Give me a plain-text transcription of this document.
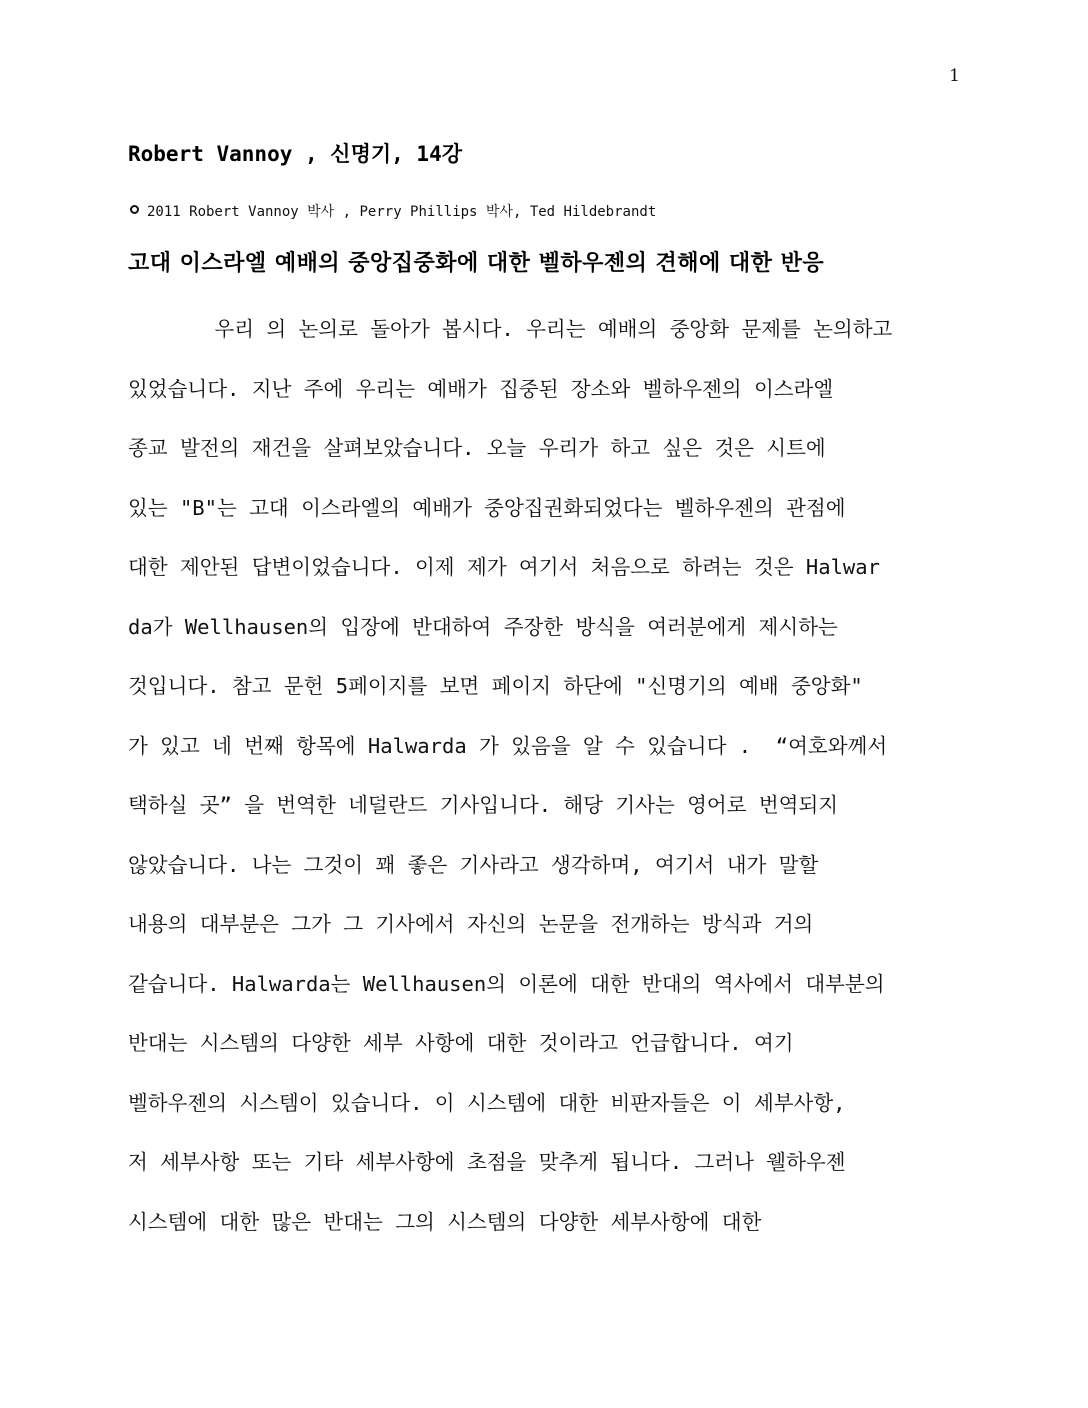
1
Robert Vannoy , 신명기, 14강
2011 Robert Vannoy 박사 , Perry Phillips 박사, Ted Hildebrandt
고대 이스라엘 예배의 중앙집중화에 대한 벨하우젠의 견해에 대한 반응
우리 의 논의로 돌아가 봅시다. 우리는 예배의 중앙화 문제를 논의하고
있었습니다. 지난 주에 우리는 예배가 집중된 장소와 벨하우젠의 이스라엘
종교 발전의 재건을 살펴보았습니다. 오늘 우리가 하고 싶은 것은 시트에
있는 "B"는 고대 이스라엘의 예배가 중앙집권화되었다는 벨하우젠의 관점에
대한 제안된 답변이었습니다. 이제 제가 여기서 처음으로 하려는 것은 Halwar
da가 Wellhausen의 입장에 반대하여 주장한 방식을 여러분에게 제시하는
것입니다. 참고 문헌 5페이지를 보면 페이지 하단에 "신명기의 예배 중앙화"
가 있고 네 번째 항목에 Halwarda 가 있음을 알 수 있습니다 .  “여호와께서
택하실 곳” 을 번역한 네덜란드 기사입니다. 해당 기사는 영어로 번역되지
않았습니다. 나는 그것이 꽤 좋은 기사라고 생각하며, 여기서 내가 말할
내용의 대부분은 그가 그 기사에서 자신의 논문을 전개하는 방식과 거의
같습니다. Halwarda는 Wellhausen의 이론에 대한 반대의 역사에서 대부분의
반대는 시스템의 다양한 세부 사항에 대한 것이라고 언급합니다. 여기
벨하우젠의 시스템이 있습니다. 이 시스템에 대한 비판자들은 이 세부사항,
저 세부사항 또는 기타 세부사항에 초점을 맞추게 됩니다. 그러나 웰하우젠
시스템에 대한 많은 반대는 그의 시스템의 다양한 세부사항에 대한
